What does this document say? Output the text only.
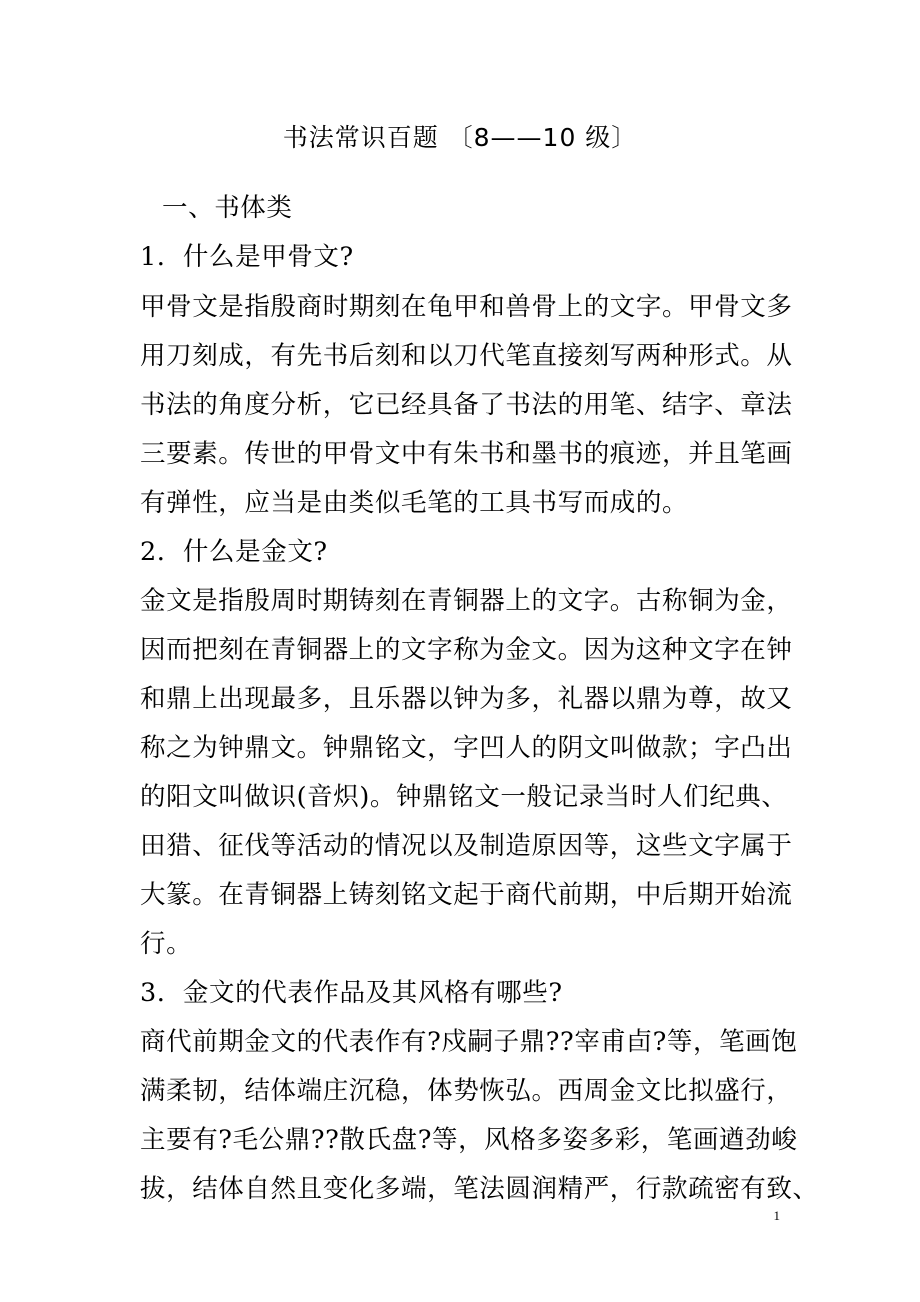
书法常识百题 〔8——10 级〕
一、书体类
1．什么是甲骨文?
甲骨文是指殷商时期刻在龟甲和兽骨上的文字。甲骨文多
用刀刻成，有先书后刻和以刀代笔直接刻写两种形式。从
书法的角度分析，它已经具备了书法的用笔、结字、章法
三要素。传世的甲骨文中有朱书和墨书的痕迹，并且笔画
有弹性，应当是由类似毛笔的工具书写而成的。
2．什么是金文?
金文是指殷周时期铸刻在青铜器上的文字。古称铜为金，
因而把刻在青铜器上的文字称为金文。因为这种文字在钟
和鼎上出现最多，且乐器以钟为多，礼器以鼎为尊，故又
称之为钟鼎文。钟鼎铭文，字凹人的阴文叫做款；字凸出
的阳文叫做识(音炽)。钟鼎铭文一般记录当时人们纪典、
田猎、征伐等活动的情况以及制造原因等，这些文字属于
大篆。在青铜器上铸刻铭文起于商代前期，中后期开始流
行。
3．金文的代表作品及其风格有哪些?
商代前期金文的代表作有?戍嗣子鼎??宰甫卣?等，笔画饱
满柔韧，结体端庄沉稳，体势恢弘。西周金文比拟盛行，
主要有?毛公鼎??散氏盘?等，风格多姿多彩，笔画遒劲峻
拔，结体自然且变化多端，笔法圆润精严，行款疏密有致、
1
